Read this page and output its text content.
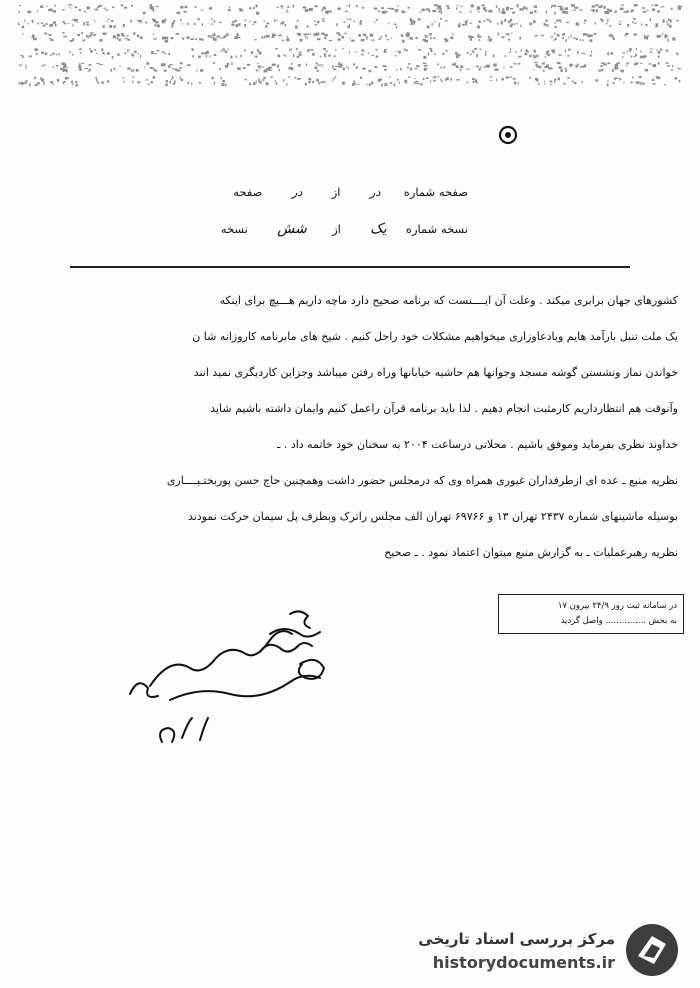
صفحه شماره  در  از  در  صفحه
نسخه شماره  یک  از  شش  نسخه
کشورهای جهان برابری میکند . وعلت آن ایــــنست که برنامه صحیح دارد ماچه داریم هـــیچ برای اینکه
یک ملت تنبل بارآمد هایم وبادعاوزاری میخواهیم مشکلات خود راحل کنیم . شیخ های مابرنامه کاروزانه شا ن
خواندن نماز ونشستن گوشه مسجد وجوانها هم حاشیه خیابانها وراه رفتن میباشد وجزاین کاردیگری نمید انند
وآنوقت هم انتظارداریم کارمثبت انجام دهیم . لذا باید برنامه قرآن راعمل کنیم وایمان داشته باشیم شاید
خداوند نظری بفرماید وموفق باشیم . محلاتی درساعت ۲۰۰۴ به سخنان خود خاتمه داد . ـ
نظریه منبع ـ عده ای ازطرفداران غیوری همراه وی که درمجلس حضور داشت وهمچنین حاج حسن پوربختـیــــاری
بوسیله ماشینهای شماره ۲۴۳۷ تهران ۱۳ و ۶۹۷۶۶ تهران الف مجلس راترک وبطرف پل سیمان حرکت نمودند
نظریه رهبرعملیات ـ به گزارش منبع میتوان اعتماد نمود . ـ صحیح
در سامانه ثبت روز ۲۴/۹ بیرون ۱۷
به بخش ............... واصل گردید
مرکز بررسی اسناد تاریخی
historydocuments.ir
